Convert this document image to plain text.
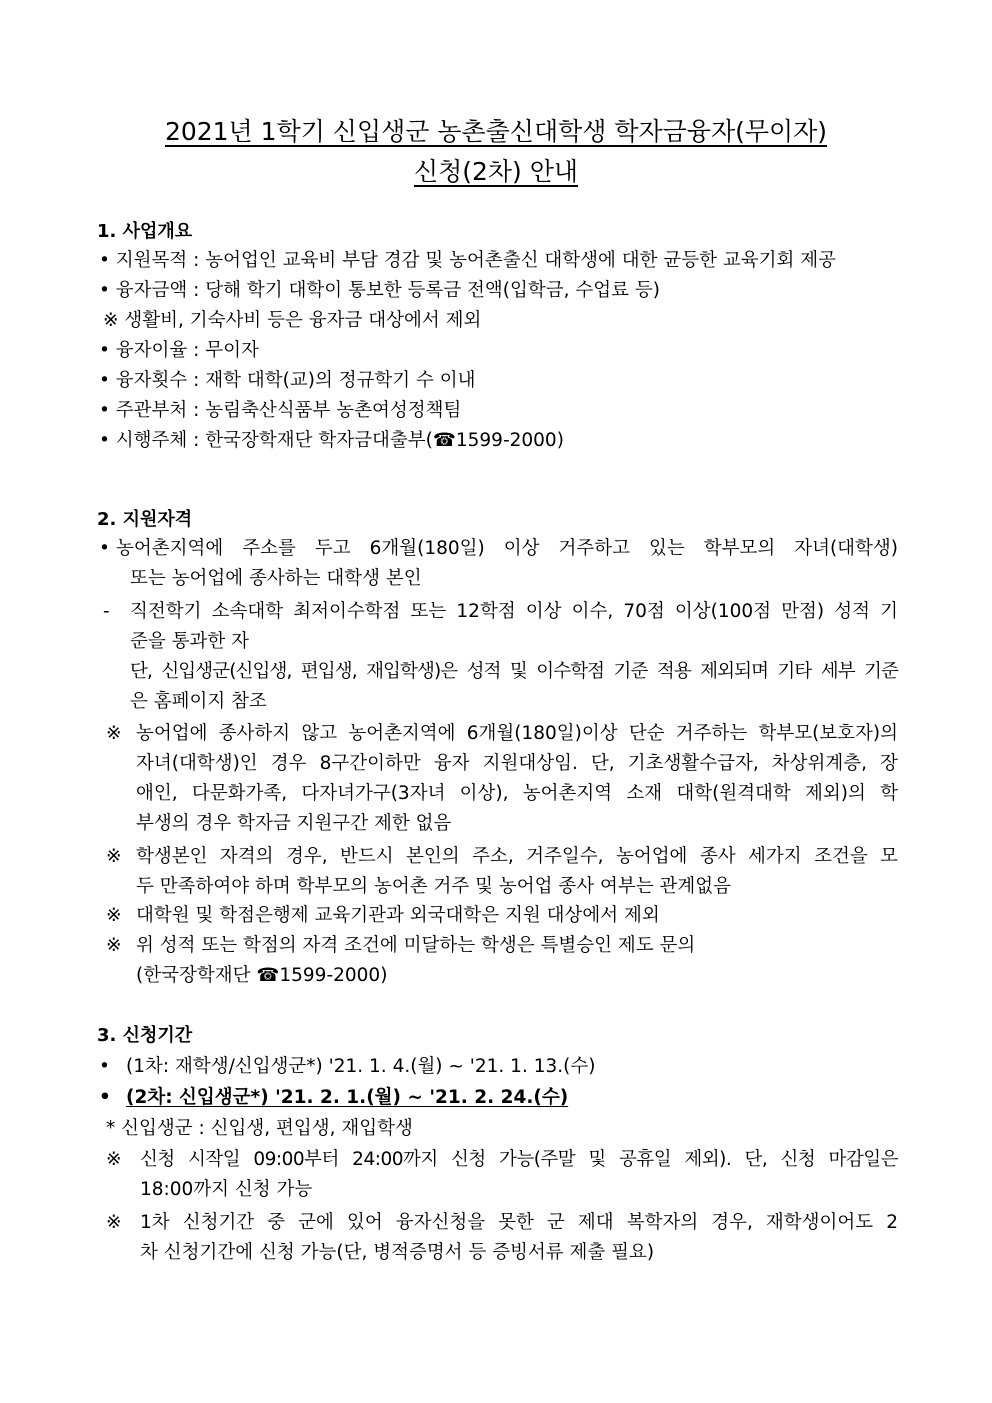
2021년 1학기 신입생군 농촌출신대학생 학자금융자(무이자)
신청(2차) 안내
1. 사업개요
• 지원목적 : 농어업인 교육비 부담 경감 및 농어촌출신 대학생에 대한 균등한 교육기회 제공
• 융자금액 : 당해 학기 대학이 통보한 등록금 전액(입학금, 수업료 등)
※ 생활비, 기숙사비 등은 융자금 대상에서 제외
• 융자이율 : 무이자
• 융자횟수 : 재학 대학(교)의 정규학기 수 이내
• 주관부처 : 농림축산식품부 농촌여성정책팀
• 시행주체 : 한국장학재단 학자금대출부(☎1599-2000)
2. 지원자격
• 농어촌지역에 주소를 두고 6개월(180일) 이상 거주하고 있는 학부모의 자녀(대학생)
또는 농어업에 종사하는 대학생 본인
- 직전학기 소속대학 최저이수학점 또는 12학점 이상 이수, 70점 이상(100점 만점) 성적 기
준을 통과한 자
단, 신입생군(신입생, 편입생, 재입학생)은 성적 및 이수학점 기준 적용 제외되며 기타 세부 기준
은 홈페이지 참조
※ 농어업에 종사하지 않고 농어촌지역에 6개월(180일)이상 단순 거주하는 학부모(보호자)의
자녀(대학생)인 경우 8구간이하만 융자 지원대상임. 단, 기초생활수급자, 차상위계층, 장
애인, 다문화가족, 다자녀가구(3자녀 이상), 농어촌지역 소재 대학(원격대학 제외)의 학
부생의 경우 학자금 지원구간 제한 없음
※ 학생본인 자격의 경우, 반드시 본인의 주소, 거주일수, 농어업에 종사 세가지 조건을 모
두 만족하여야 하며 학부모의 농어촌 거주 및 농어업 종사 여부는 관계없음
※ 대학원 및 학점은행제 교육기관과 외국대학은 지원 대상에서 제외
※ 위 성적 또는 학점의 자격 조건에 미달하는 학생은 특별승인 제도 문의
(한국장학재단 ☎1599-2000)
3. 신청기간
• (1차: 재학생/신입생군*) '21. 1. 4.(월) ~ '21. 1. 13.(수)
• (2차: 신입생군*) '21. 2. 1.(월) ~ '21. 2. 24.(수)
* 신입생군 : 신입생, 편입생, 재입학생
※ 신청 시작일 09:00부터 24:00까지 신청 가능(주말 및 공휴일 제외). 단, 신청 마감일은
18:00까지 신청 가능
※ 1차 신청기간 중 군에 있어 융자신청을 못한 군 제대 복학자의 경우, 재학생이어도 2
차 신청기간에 신청 가능(단, 병적증명서 등 증빙서류 제출 필요)
